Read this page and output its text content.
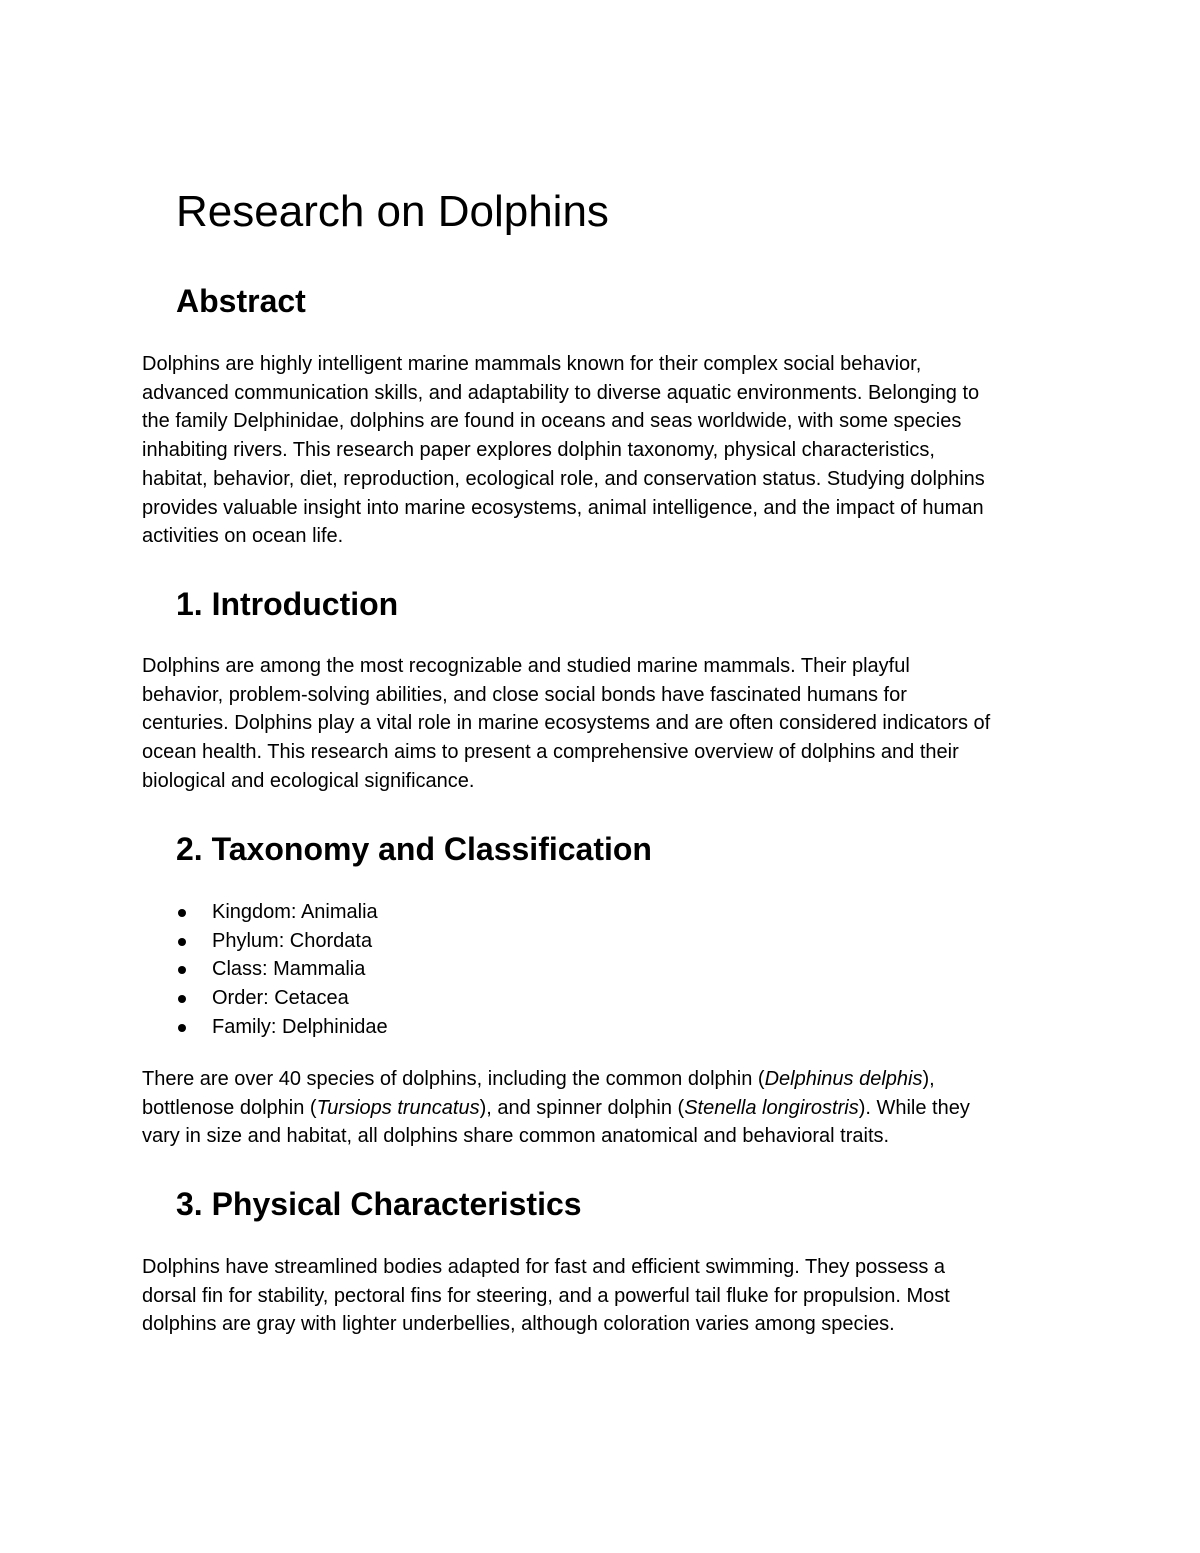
Research on Dolphins
Abstract

Dolphins are highly intelligent marine mammals known for their complex social behavior,
advanced communication skills, and adaptability to diverse aquatic environments. Belonging to
the family Delphinidae, dolphins are found in oceans and seas worldwide, with some species
inhabiting rivers. This research paper explores dolphin taxonomy, physical characteristics,
habitat, behavior, diet, reproduction, ecological role, and conservation status. Studying dolphins
provides valuable insight into marine ecosystems, animal intelligence, and the impact of human
activities on ocean life.

1. Introduction

Dolphins are among the most recognizable and studied marine mammals. Their playful
behavior, problem-solving abilities, and close social bonds have fascinated humans for
centuries. Dolphins play a vital role in marine ecosystems and are often considered indicators of
ocean health. This research aims to present a comprehensive overview of dolphins and their
biological and ecological significance.

2. Taxonomy and Classification
Kingdom: Animalia
Phylum: Chordata
Class: Mammalia
Order: Cetacea
Family: Delphinidae

There are over 40 species of dolphins, including the common dolphin (Delphinus delphis),
bottlenose dolphin (Tursiops truncatus), and spinner dolphin (Stenella longirostris). While they
vary in size and habitat, all dolphins share common anatomical and behavioral traits.

3. Physical Characteristics

Dolphins have streamlined bodies adapted for fast and efficient swimming. They possess a
dorsal fin for stability, pectoral fins for steering, and a powerful tail fluke for propulsion. Most
dolphins are gray with lighter underbellies, although coloration varies among species.
